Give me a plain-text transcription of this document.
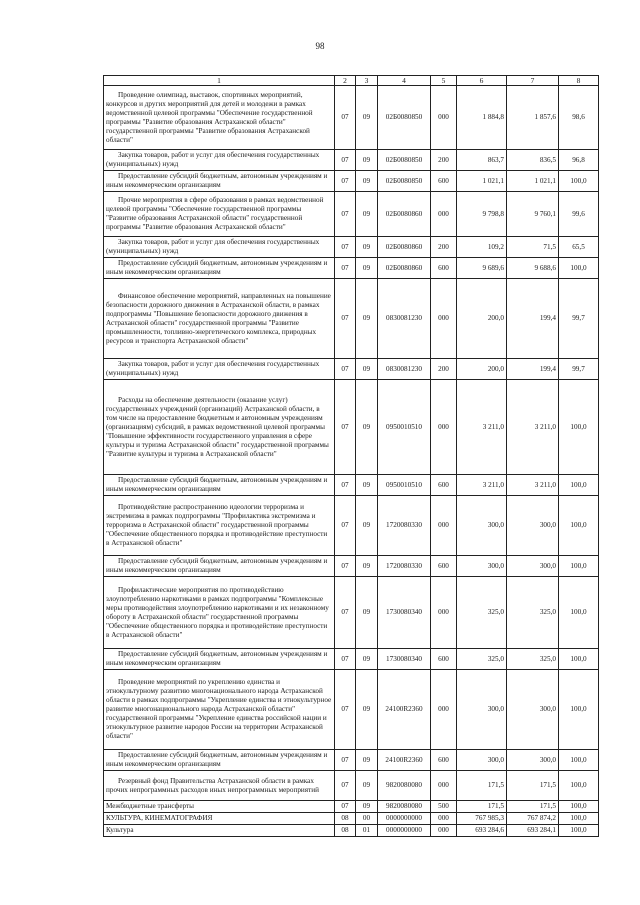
98
1	2	3	4	5	6	7	8
Проведение олимпиад, выставок, спортивных мероприятий, конкурсов и других мероприятий для детей и молодежи в рамках ведомственной целевой программы "Обеспечение государственной программы "Развитие образования Астраханской области" государственной программы "Развитие образования Астраханской области"	07	09	02Б0080850	000	1 884,8	1 857,6	98,6
Закупка товаров, работ и услуг для обеспечения государственных (муниципальных) нужд	07	09	02Б0080850	200	863,7	836,5	96,8
Предоставление субсидий бюджетным, автономным учреждениям и иным некоммерческим организациям	07	09	02Б0080850	600	1 021,1	1 021,1	100,0
Прочие мероприятия в сфере образования в рамках ведомственной целевой программы "Обеспечение государственной программы "Развитие образования Астраханской области" государственной программы "Развитие образования Астраханской области"	07	09	02Б0080860	000	9 798,8	9 760,1	99,6
Закупка товаров, работ и услуг для обеспечения государственных (муниципальных) нужд	07	09	02Б0080860	200	109,2	71,5	65,5
Предоставление субсидий бюджетным, автономным учреждениям и иным некоммерческим организациям	07	09	02Б0080860	600	9 689,6	9 688,6	100,0
Финансовое обеспечение мероприятий, направленных на повышение безопасности дорожного движения в Астраханской области, в рамках подпрограммы "Повышение безопасности дорожного движения в Астраханской области" государственной программы "Развитие промышленности, топливно-энергетического комплекса, природных ресурсов и транспорта Астраханской области"	07	09	0830081230	000	200,0	199,4	99,7
Закупка товаров, работ и услуг для обеспечения государственных (муниципальных) нужд	07	09	0830081230	200	200,0	199,4	99,7
Расходы на обеспечение деятельности (оказание услуг) государственных учреждений (организаций) Астраханской области, в том числе на предоставление бюджетным и автономным учреждениям (организациям) субсидий, в рамках ведомственной целевой программы "Повышение эффективности государственного управления в сфере культуры и туризма Астраханской области" государственной программы "Развитие культуры и туризма в Астраханской области"	07	09	0950010510	000	3 211,0	3 211,0	100,0
Предоставление субсидий бюджетным, автономным учреждениям и иным некоммерческим организациям	07	09	0950010510	600	3 211,0	3 211,0	100,0
Противодействие распространению идеологии терроризма и экстремизма в рамках подпрограммы "Профилактика экстремизма и терроризма в Астраханской области" государственной программы "Обеспечение общественного порядка и противодействие преступности в Астраханской области"	07	09	1720080330	000	300,0	300,0	100,0
Предоставление субсидий бюджетным, автономным учреждениям и иным некоммерческим организациям	07	09	1720080330	600	300,0	300,0	100,0
Профилактические мероприятия по противодействию злоупотреблению наркотиками в рамках подпрограммы "Комплексные меры противодействия злоупотреблению наркотиками и их незаконному обороту в Астраханской области" государственной программы "Обеспечение общественного порядка и противодействие преступности в Астраханской области"	07	09	1730080340	000	325,0	325,0	100,0
Предоставление субсидий бюджетным, автономным учреждениям и иным некоммерческим организациям	07	09	1730080340	600	325,0	325,0	100,0
Проведение мероприятий по укреплению единства и этнокультурному развитию многонационального народа Астраханской области в рамках подпрограммы "Укрепление единства и этнокультурное развитие многонационального народа Астраханской области" государственной программы "Укрепление единства российской нации и этнокультурное развитие народов России на территории Астраханской области"	07	09	24100R2360	000	300,0	300,0	100,0
Предоставление субсидий бюджетным, автономным учреждениям и иным некоммерческим организациям	07	09	24100R2360	600	300,0	300,0	100,0
Резервный фонд Правительства Астраханской области в рамках прочих непрограммных расходов иных непрограммных мероприятий	07	09	9820080080	000	171,5	171,5	100,0
Межбюджетные трансферты	07	09	9820080080	500	171,5	171,5	100,0
КУЛЬТУРА, КИНЕМАТОГРАФИЯ	08	00	0000000000	000	767 985,3	767 874,2	100,0
Культура	08	01	0000000000	000	693 284,6	693 284,1	100,0
